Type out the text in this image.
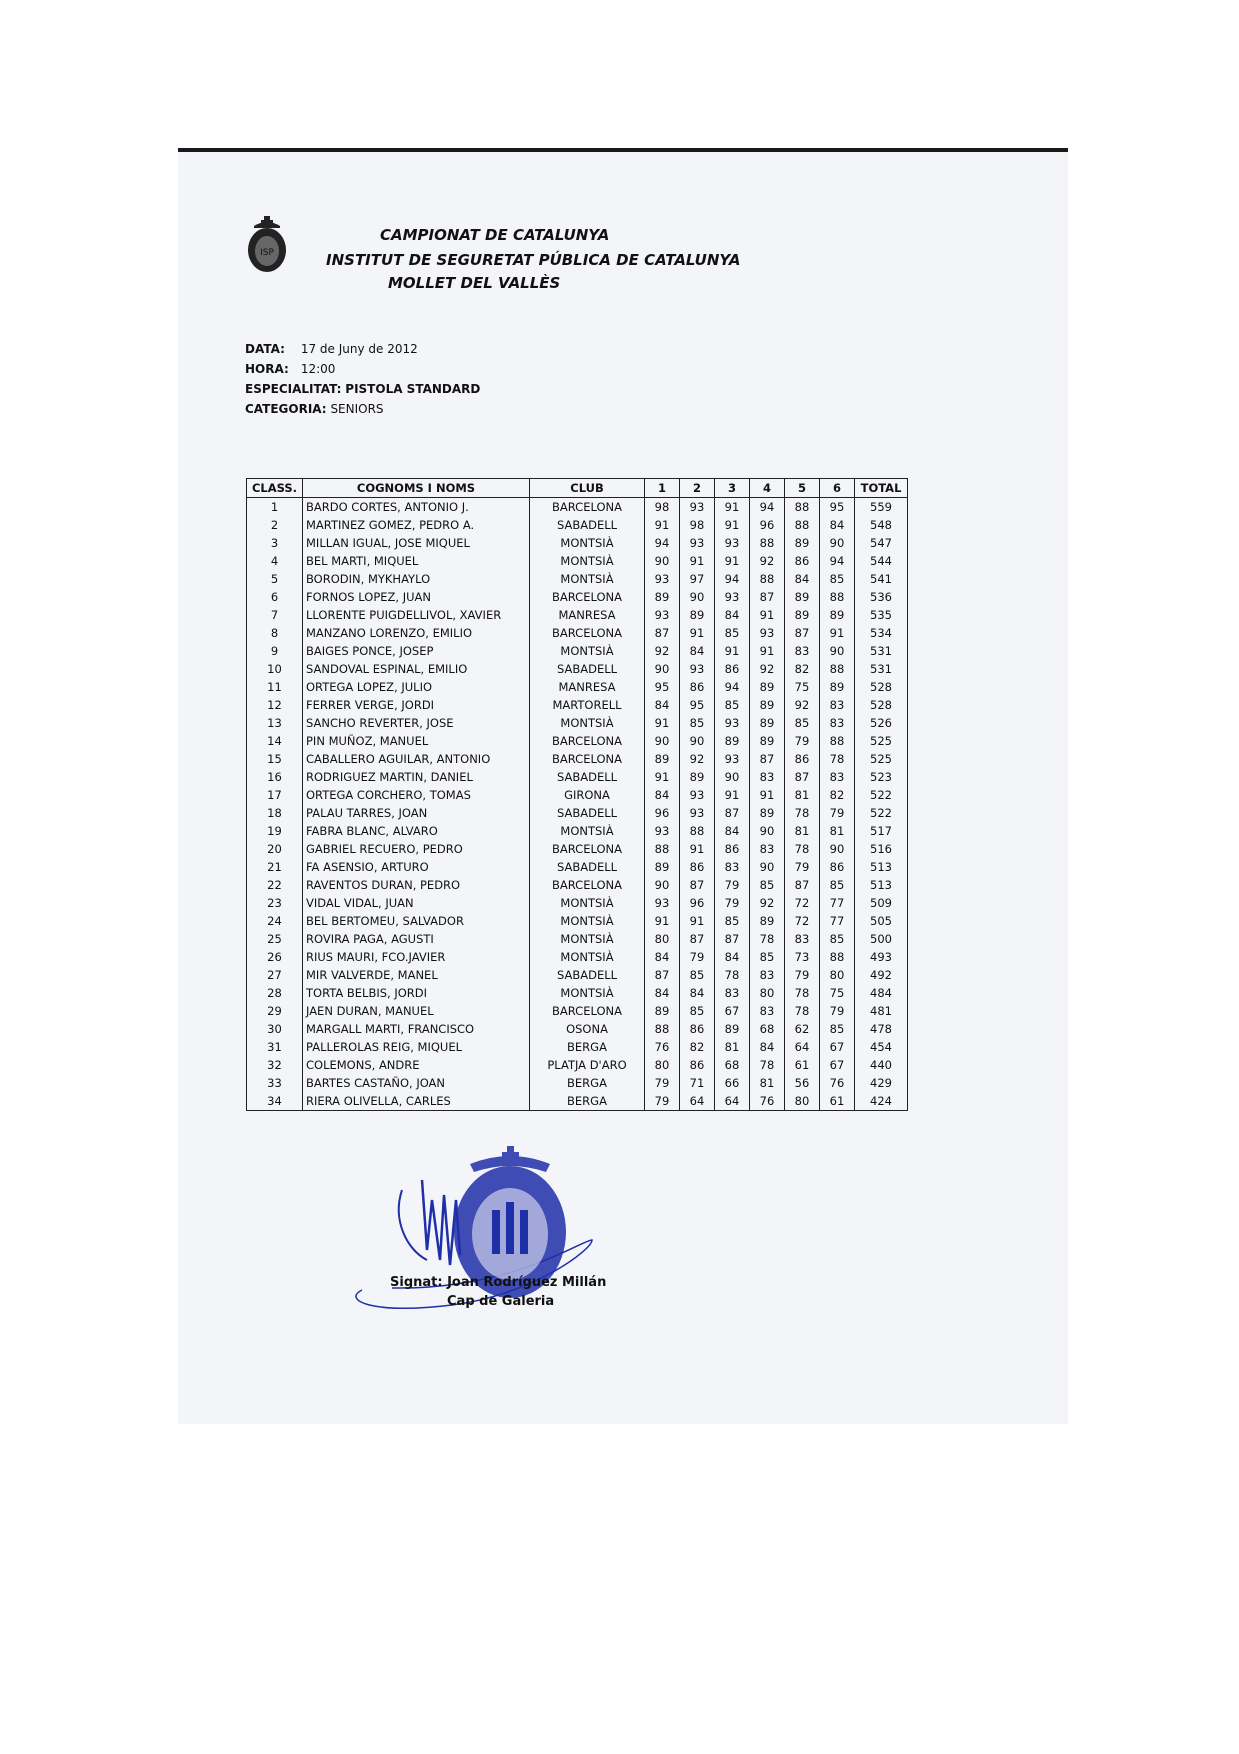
ISP
CAMPIONAT DE CATALUNYA
INSTITUT DE SEGURETAT PÚBLICA DE CATALUNYA
MOLLET DEL VALLÈS
DATA: 17 de Juny de 2012
HORA: 12:00
ESPECIALITAT: PISTOLA STANDARD
CATEGORIA: SENIORS
CLASS.	COGNOMS I NOMS	CLUB	1	2	3	4	5	6	TOTAL
1	BARDO CORTES, ANTONIO J.	BARCELONA	98	93	91	94	88	95	559
2	MARTINEZ GOMEZ, PEDRO A.	SABADELL	91	98	91	96	88	84	548
3	MILLAN IGUAL, JOSE MIQUEL	MONTSIÀ	94	93	93	88	89	90	547
4	BEL MARTI, MIQUEL	MONTSIÀ	90	91	91	92	86	94	544
5	BORODIN, MYKHAYLO	MONTSIÀ	93	97	94	88	84	85	541
6	FORNOS LOPEZ, JUAN	BARCELONA	89	90	93	87	89	88	536
7	LLORENTE PUIGDELLIVOL, XAVIER	MANRESA	93	89	84	91	89	89	535
8	MANZANO LORENZO, EMILIO	BARCELONA	87	91	85	93	87	91	534
9	BAIGES PONCE, JOSEP	MONTSIÀ	92	84	91	91	83	90	531
10	SANDOVAL ESPINAL, EMILIO	SABADELL	90	93	86	92	82	88	531
11	ORTEGA LOPEZ, JULIO	MANRESA	95	86	94	89	75	89	528
12	FERRER VERGE, JORDI	MARTORELL	84	95	85	89	92	83	528
13	SANCHO REVERTER, JOSE	MONTSIÀ	91	85	93	89	85	83	526
14	PIN MUÑOZ, MANUEL	BARCELONA	90	90	89	89	79	88	525
15	CABALLERO AGUILAR, ANTONIO	BARCELONA	89	92	93	87	86	78	525
16	RODRIGUEZ MARTIN, DANIEL	SABADELL	91	89	90	83	87	83	523
17	ORTEGA CORCHERO, TOMAS	GIRONA	84	93	91	91	81	82	522
18	PALAU TARRES, JOAN	SABADELL	96	93	87	89	78	79	522
19	FABRA BLANC, ALVARO	MONTSIÀ	93	88	84	90	81	81	517
20	GABRIEL RECUERO, PEDRO	BARCELONA	88	91	86	83	78	90	516
21	FA ASENSIO, ARTURO	SABADELL	89	86	83	90	79	86	513
22	RAVENTOS DURAN, PEDRO	BARCELONA	90	87	79	85	87	85	513
23	VIDAL VIDAL, JUAN	MONTSIÀ	93	96	79	92	72	77	509
24	BEL BERTOMEU, SALVADOR	MONTSIÀ	91	91	85	89	72	77	505
25	ROVIRA PAGA, AGUSTI	MONTSIÀ	80	87	87	78	83	85	500
26	RIUS MAURI, FCO.JAVIER	MONTSIÀ	84	79	84	85	73	88	493
27	MIR VALVERDE, MANEL	SABADELL	87	85	78	83	79	80	492
28	TORTA BELBIS, JORDI	MONTSIÀ	84	84	83	80	78	75	484
29	JAEN DURAN, MANUEL	BARCELONA	89	85	67	83	78	79	481
30	MARGALL MARTI, FRANCISCO	OSONA	88	86	89	68	62	85	478
31	PALLEROLAS REIG, MIQUEL	BERGA	76	82	81	84	64	67	454
32	COLEMONS, ANDRE	PLATJA D'ARO	80	86	68	78	61	67	440
33	BARTES CASTAÑO, JOAN	BERGA	79	71	66	81	56	76	429
34	RIERA OLIVELLA, CARLES	BERGA	79	64	64	76	80	61	424
Signat: Joan Rodríguez Millán
Cap de Galeria
